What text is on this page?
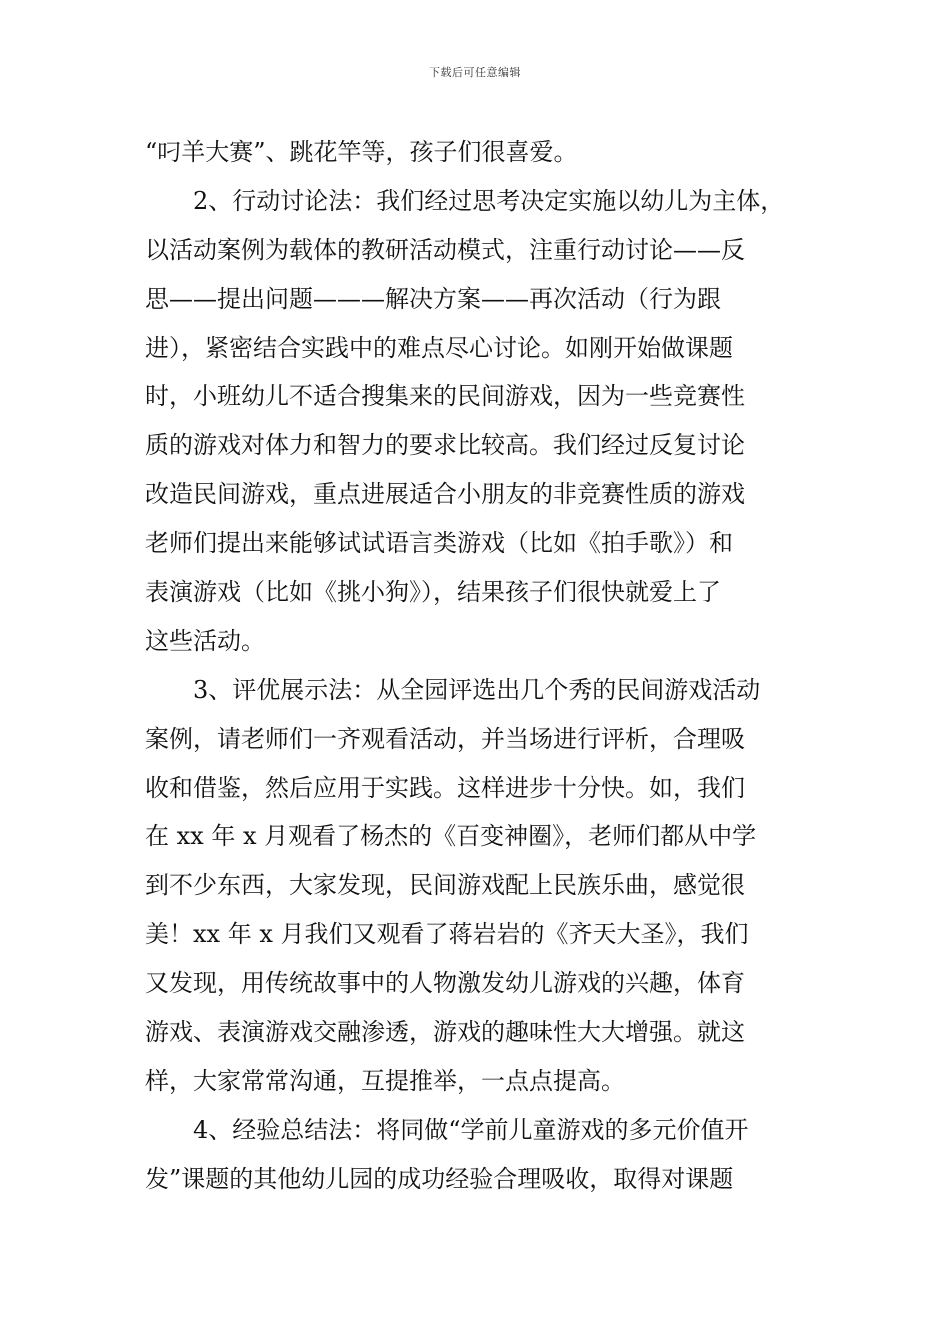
下载后可任意编辑
“叼羊大赛”、跳花竿等，孩子们很喜爱。
2、行动讨论法：我们经过思考决定实施以幼儿为主体，
以活动案例为载体的教研活动模式，注重行动讨论——反
思——提出问题———解决方案——再次活动（行为跟
进），紧密结合实践中的难点尽心讨论。如刚开始做课题
时，小班幼儿不适合搜集来的民间游戏，因为一些竞赛性
质的游戏对体力和智力的要求比较高。我们经过反复讨论
改造民间游戏，重点进展适合小朋友的非竞赛性质的游戏
老师们提出来能够试试语言类游戏（比如《拍手歌》）和
表演游戏（比如《挑小狗》），结果孩子们很快就爱上了
这些活动。
3、评优展示法：从全园评选出几个秀的民间游戏活动
案例，请老师们一齐观看活动，并当场进行评析，合理吸
收和借鉴，然后应用于实践。这样进步十分快。如，我们
在 xx 年 x 月观看了杨杰的《百变神圈》，老师们都从中学
到不少东西，大家发现，民间游戏配上民族乐曲，感觉很
美！xx 年 x 月我们又观看了蒋岩岩的《齐天大圣》，我们
又发现，用传统故事中的人物激发幼儿游戏的兴趣，体育
游戏、表演游戏交融渗透，游戏的趣味性大大增强。就这
样，大家常常沟通，互提推举，一点点提高。
4、经验总结法：将同做“学前儿童游戏的多元价值开
发”课题的其他幼儿园的成功经验合理吸收，取得对课题
